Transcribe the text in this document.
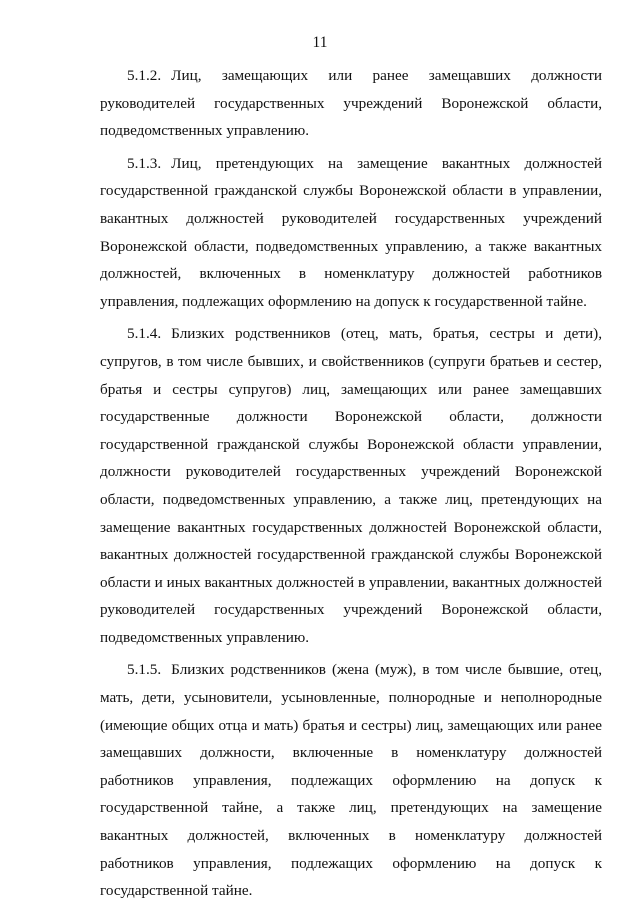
11

5.1.2. Лиц, замещающих или ранее замещавших должности руководителей государственных учреждений Воронежской области, подведомственных управлению.

5.1.3. Лиц, претендующих на замещение вакантных должностей государственной гражданской службы Воронежской области в управлении, вакантных должностей руководителей государственных учреждений Воронежской области, подведомственных управлению, а также вакантных должностей, включенных в номенклатуру должностей работников управления, подлежащих оформлению на допуск к государственной тайне.

5.1.4. Близких родственников (отец, мать, братья, сестры и дети), супругов, в том числе бывших, и свойственников (супруги братьев и сестер, братья и сестры супругов) лиц, замещающих или ранее замещавших государственные должности Воронежской области, должности государственной гражданской службы Воронежской области управлении, должности руководителей государственных учреждений Воронежской области, подведомственных управлению, а также лиц, претендующих на замещение вакантных государственных должностей Воронежской области, вакантных должностей государственной гражданской службы Воронежской области и иных вакантных должностей в управлении, вакантных должностей руководителей государственных учреждений Воронежской области, подведомственных управлению.

5.1.5. Близких родственников (жена (муж), в том числе бывшие, отец, мать, дети, усыновители, усыновленные, полнородные и неполнородные (имеющие общих отца и мать) братья и сестры) лиц, замещающих или ранее замещавших должности, включенные в номенклатуру должностей работников управления, подлежащих оформлению на допуск к государственной тайне, а также лиц, претендующих на замещение вакантных должностей, включенных в номенклатуру должностей работников управления, подлежащих оформлению на допуск к государственной тайне.
